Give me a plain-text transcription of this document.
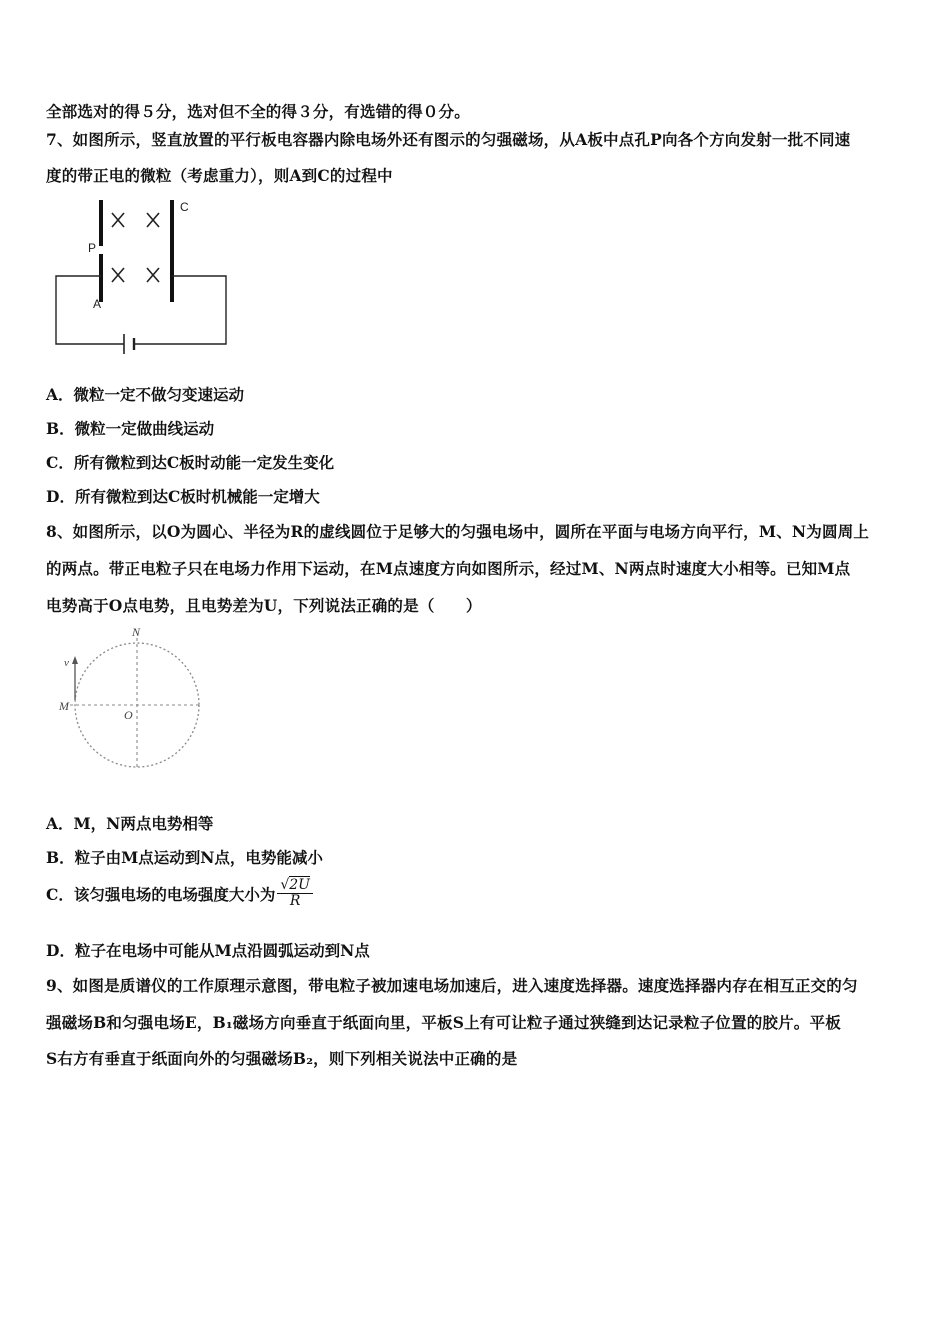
全部选对的得５分，选对但不全的得３分，有选错的得０分。
7、如图所示，竖直放置的平行板电容器内除电场外还有图示的匀强磁场，从A板中点孔P向各个方向发射一批不同速
度的带正电的微粒（考虑重力），则A到C的过程中
C
P
A
A．微粒一定不做匀变速运动
B．微粒一定做曲线运动
C．所有微粒到达C板时动能一定发生变化
D．所有微粒到达C板时机械能一定增大
8、如图所示，以O为圆心、半径为R的虚线圆位于足够大的匀强电场中，圆所在平面与电场方向平行，M、N为圆周上
的两点。带正电粒子只在电场力作用下运动，在M点速度方向如图所示，经过M、N两点时速度大小相等。已知M点
电势高于O点电势，且电势差为U，下列说法正确的是（　　）
N
v
M
O
A．M，N两点电势相等
B．粒子由M点运动到N点，电势能减小
C．该匀强电场的电场强度大小为 $\frac{√2U}{R}$
D．粒子在电场中可能从M点沿圆弧运动到N点
9、如图是质谱仪的工作原理示意图，带电粒子被加速电场加速后，进入速度选择器。速度选择器内存在相互正交的匀
强磁场B和匀强电场E，B₁磁场方向垂直于纸面向里，平板S上有可让粒子通过狭缝到达记录粒子位置的胶片。平板
S右方有垂直于纸面向外的匀强磁场B₂，则下列相关说法中正确的是
